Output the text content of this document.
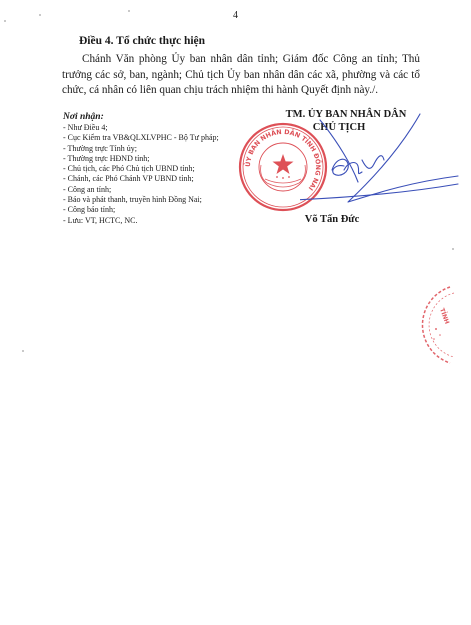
4
Điều 4. Tổ chức thực hiện

Chánh Văn phòng Ủy ban nhân dân tỉnh; Giám đốc Công an tỉnh; Thủ trưởng các sở, ban, ngành; Chủ tịch Ủy ban nhân dân các xã, phường và các tổ chức, cá nhân có liên quan chịu trách nhiệm thi hành Quyết định này./.

Nơi nhận:
- Như Điều 4;
- Cục Kiểm tra VB&QLXLVPHC - Bộ Tư pháp;
- Thường trực Tỉnh ủy;
- Thường trực HĐND tỉnh;
- Chủ tịch, các Phó Chủ tịch UBND tỉnh;
- Chánh, các Phó Chánh VP UBND tỉnh;
- Công an tỉnh;
- Báo và phát thanh, truyền hình Đồng Nai;
- Công báo tỉnh;
- Lưu: VT, HCTC, NC.
TM. ỦY BAN NHÂN DÂN
CHỦ TỊCH
ỦY BAN NHÂN DÂN TỈNH ĐỒNG NAI
Võ Tấn Đức
TỈNH
